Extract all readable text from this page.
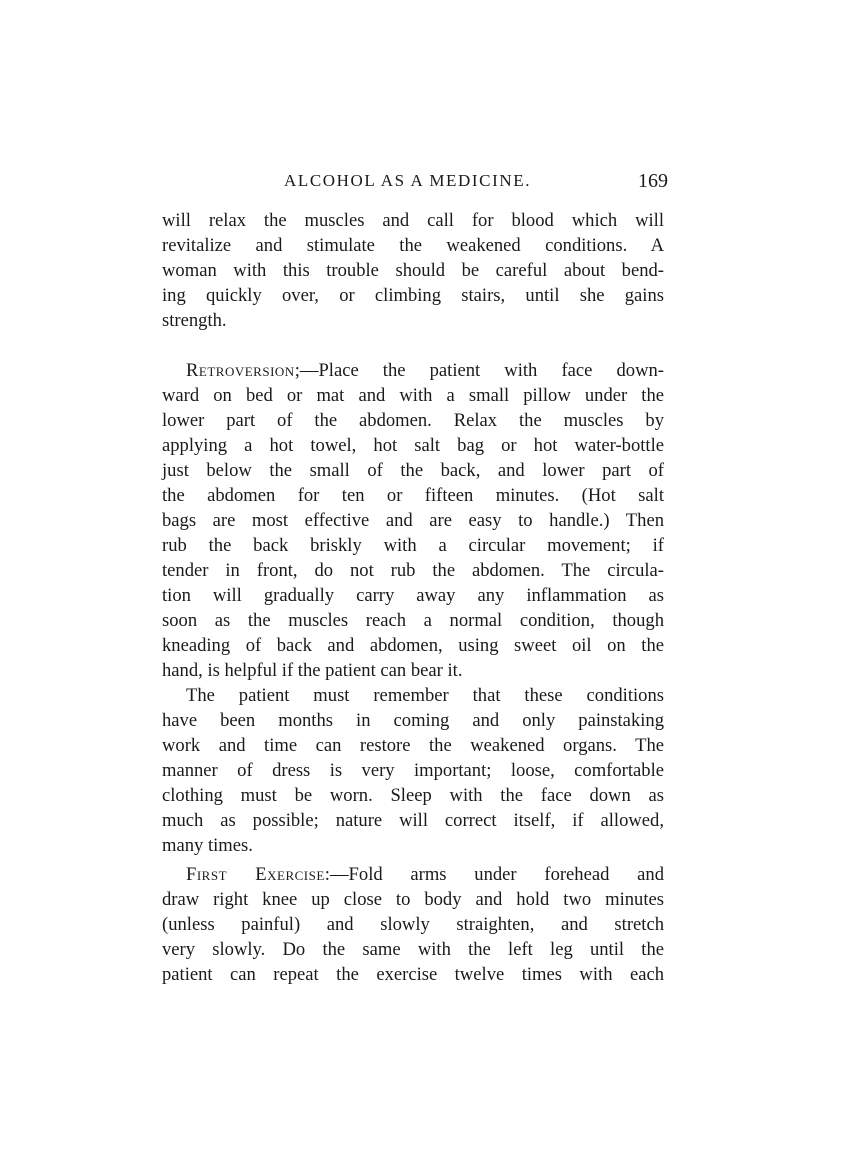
ALCOHOL AS A MEDICINE.	169

will relax the muscles and call for blood which will
revitalize and stimulate the weakened conditions. A
woman with this trouble should be careful about bend-
ing quickly over, or climbing stairs, until she gains
strength.

Retroversion;—Place the patient with face down-
ward on bed or mat and with a small pillow under the
lower part of the abdomen. Relax the muscles by
applying a hot towel, hot salt bag or hot water-bottle
just below the small of the back, and lower part of
the abdomen for ten or fifteen minutes. (Hot salt
bags are most effective and are easy to handle.) Then
rub the back briskly with a circular movement; if
tender in front, do not rub the abdomen. The circula-
tion will gradually carry away any inflammation as
soon as the muscles reach a normal condition, though
kneading of back and abdomen, using sweet oil on the
hand, is helpful if the patient can bear it.

The patient must remember that these conditions
have been months in coming and only painstaking
work and time can restore the weakened organs. The
manner of dress is very important; loose, comfortable
clothing must be worn. Sleep with the face down as
much as possible; nature will correct itself, if allowed,
many times.

First Exercise:—Fold arms under forehead and
draw right knee up close to body and hold two minutes
(unless painful) and slowly straighten, and stretch
very slowly. Do the same with the left leg until the
patient can repeat the exercise twelve times with each
